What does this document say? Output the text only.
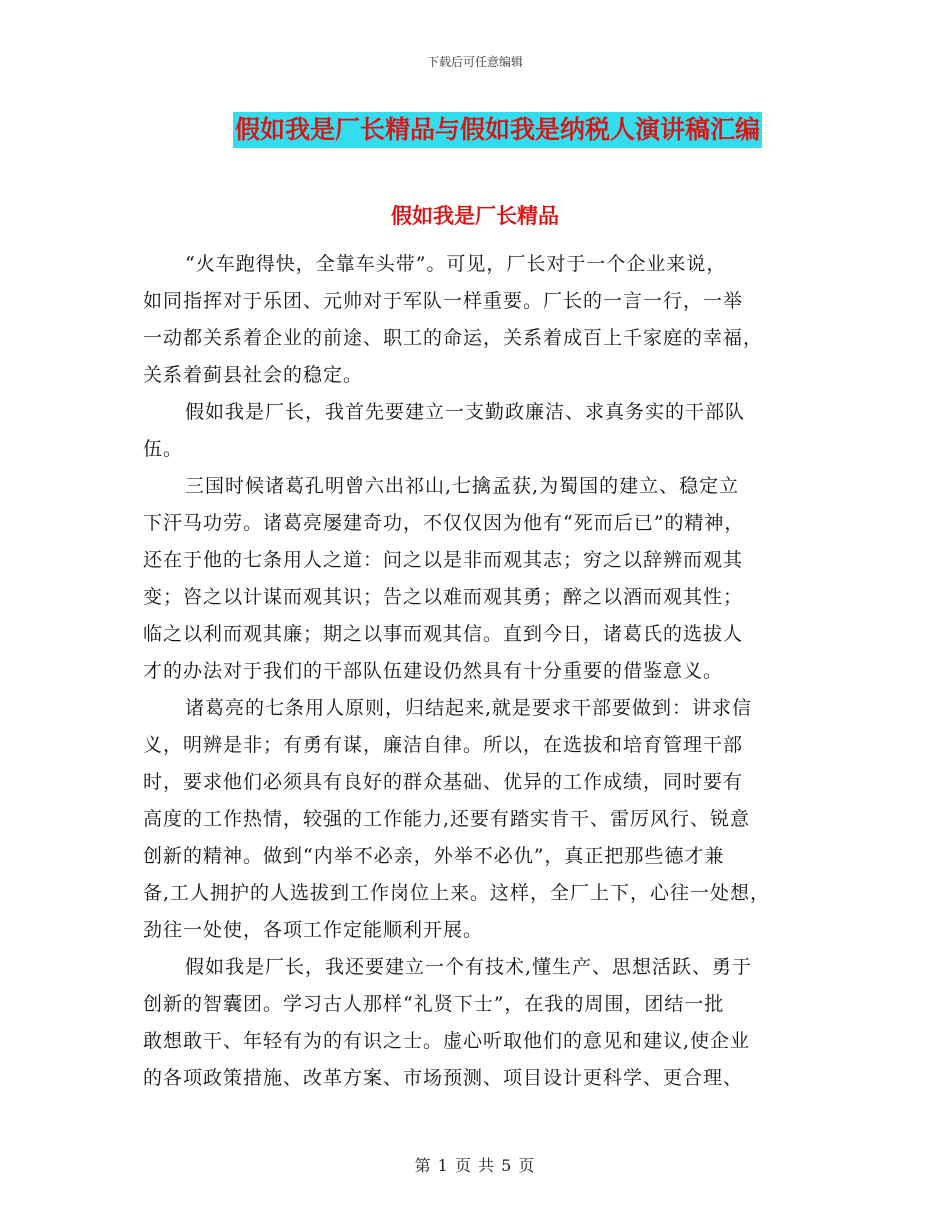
下载后可任意编辑
假如我是厂长精品与假如我是纳税人演讲稿汇编
假如我是厂长精品

“火车跑得快，全靠车头带”。可见，厂长对于一个企业来说，
如同指挥对于乐团、元帅对于军队一样重要。厂长的一言一行，一举
一动都关系着企业的前途、职工的命运，关系着成百上千家庭的幸福，
关系着蓟县社会的稳定。

假如我是厂长，我首先要建立一支勤政廉洁、求真务实的干部队
伍。

三国时候诸葛孔明曾六出祁山,七擒孟获,为蜀国的建立、稳定立
下汗马功劳。诸葛亮屡建奇功，不仅仅因为他有“死而后已”的精神，
还在于他的七条用人之道：问之以是非而观其志；穷之以辞辨而观其
变；咨之以计谋而观其识；告之以难而观其勇；醉之以酒而观其性；
临之以利而观其廉；期之以事而观其信。直到今日，诸葛氏的选拔人
才的办法对于我们的干部队伍建设仍然具有十分重要的借鉴意义。

诸葛亮的七条用人原则，归结起来,就是要求干部要做到：讲求信
义，明辨是非；有勇有谋，廉洁自律。所以，在选拔和培育管理干部
时，要求他们必须具有良好的群众基础、优异的工作成绩，同时要有
高度的工作热情，较强的工作能力,还要有踏实肯干、雷厉风行、锐意
创新的精神。做到“内举不必亲，外举不必仇”，真正把那些德才兼
备,工人拥护的人选拔到工作岗位上来。这样，全厂上下，心往一处想，
劲往一处使，各项工作定能顺利开展。

假如我是厂长，我还要建立一个有技术,懂生产、思想活跃、勇于
创新的智囊团。学习古人那样“礼贤下士”，在我的周围，团结一批
敢想敢干、年轻有为的有识之士。虚心听取他们的意见和建议,使企业
的各项政策措施、改革方案、市场预测、项目设计更科学、更合理、

第 1 页 共 5 页
